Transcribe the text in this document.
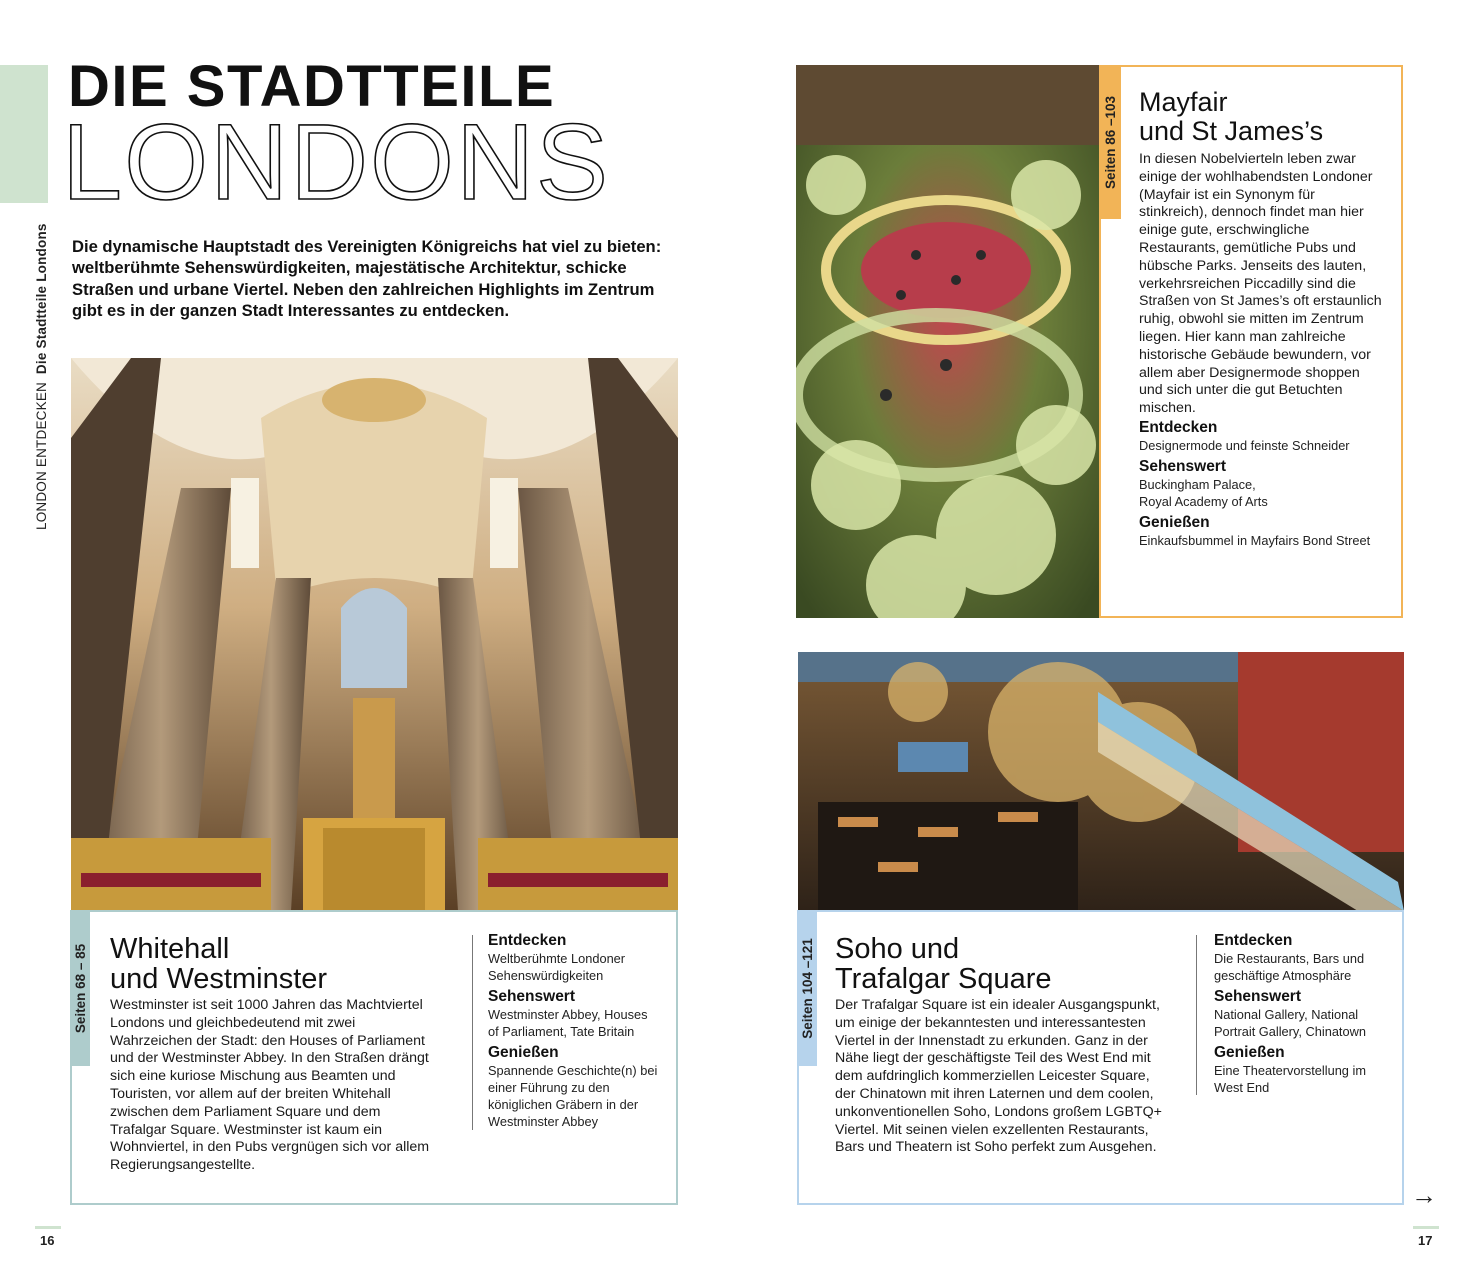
LONDON ENTDECKEN Die Stadtteile Londons
DIE STADTTEILE
LONDONS
Die dynamische Hauptstadt des Vereinigten Königreichs hat viel zu bieten: weltberühmte Sehenswürdigkeiten, majestätische Architektur, schicke Straßen und urbane Viertel. Neben den zahlreichen Highlights im Zentrum gibt es in der ganzen Stadt Interessantes zu entdecken.
Seiten 68 – 85 Whitehall
und Westminster
Westminster ist seit 1000 Jahren das Machtviertel Londons und gleichbedeutend mit zwei Wahrzeichen der Stadt: den Houses of Parliament und der Westminster Abbey. In den Straßen drängt sich eine kuriose Mischung aus Beamten und Touristen, vor allem auf der breiten Whitehall zwischen dem Parliament Square und dem Trafalgar Square. Westminster ist kaum ein Wohnviertel, in den Pubs vergnügen sich vor allem Regierungsangestellte.
Entdecken

Weltberühmte Londoner Sehenswürdigkeiten

Sehenswert

Westminster Abbey, Houses of Parliament, Tate Britain

Genießen

Spannende Geschichte(n) bei einer Führung zu den königlichen Gräbern in der Westminster Abbey

Seiten 86 –103 Mayfair
und St James’s
In diesen Nobelvierteln leben zwar einige der wohlhabendsten Londoner (Mayfair ist ein Synonym für stinkreich), dennoch findet man hier einige gute, erschwingliche Restaurants, gemütliche Pubs und hübsche Parks. Jenseits des lauten, verkehrsreichen Piccadilly sind die Straßen von St James’s oft erstaunlich ruhig, obwohl sie mitten im Zentrum liegen. Hier kann man zahlreiche historische Gebäude bewundern, vor allem aber Designermode shoppen und sich unter die gut Betuchten mischen.
Entdecken

Designermode und feinste Schneider

Sehenswert

Buckingham Palace, Royal Academy of Arts

Genießen

Einkaufsbummel in Mayfairs Bond Street

Seiten 104 –121 Soho und
Trafalgar Square
Der Trafalgar Square ist ein idealer Ausgangspunkt, um einige der bekanntesten und interessantesten Viertel in der Innenstadt zu erkunden. Ganz in der Nähe liegt der geschäftigste Teil des West End mit dem aufdringlich kommerziellen Leicester Square, der Chinatown mit ihren Laternen und dem coolen, unkonventionellen Soho, Londons großem LGBTQ+ Viertel. Mit seinen vielen exzellenten Restaurants, Bars und Theatern ist Soho perfekt zum Ausgehen.
Entdecken

Die Restaurants, Bars und geschäftige Atmosphäre

Sehenswert

National Gallery, National Portrait Gallery, Chinatown

Genießen

Eine Theatervorstellung im West End

→
16	17
